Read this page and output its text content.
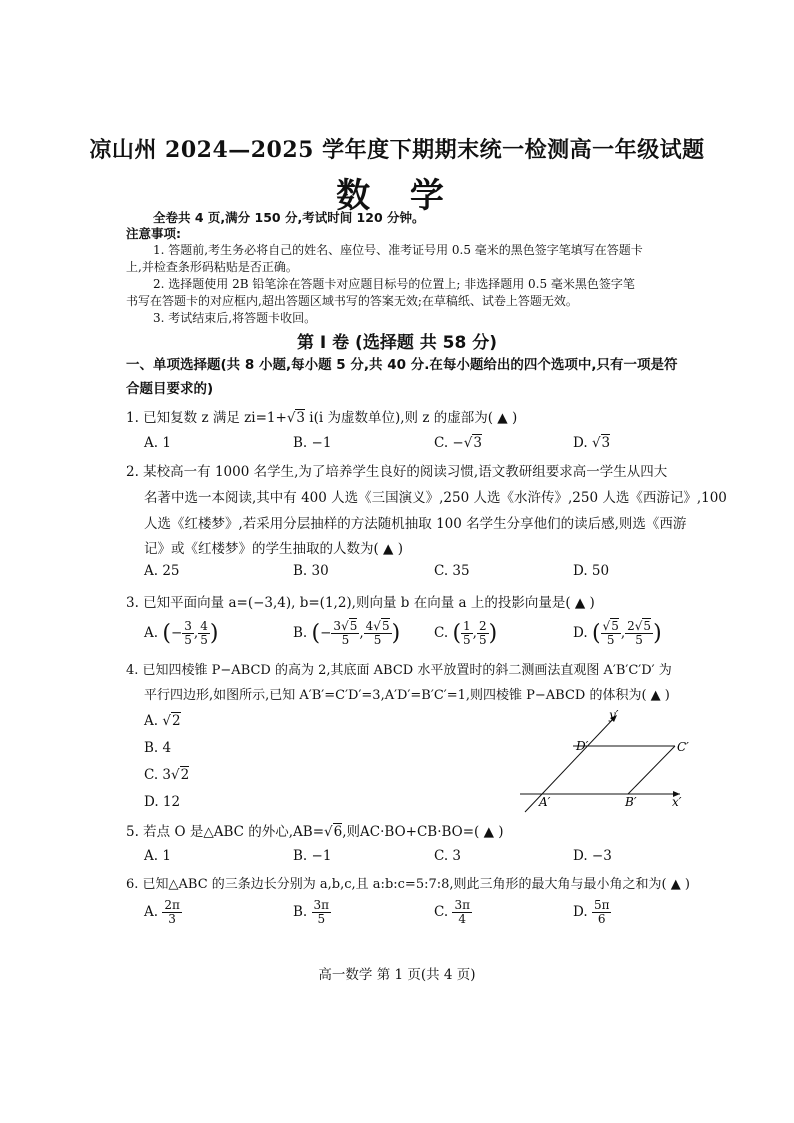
凉山州 2024—2025 学年度下期期末统一检测高一年级试题
数 学
全卷共 4 页,满分 150 分,考试时间 120 分钟。
注意事项:
1. 答题前,考生务必将自己的姓名、座位号、准考证号用 0.5 毫米的黑色签字笔填写在答题卡
上,并检查条形码粘贴是否正确。
2. 选择题使用 2B 铅笔涂在答题卡对应题目标号的位置上; 非选择题用 0.5 毫米黑色签字笔
书写在答题卡的对应框内,超出答题区域书写的答案无效;在草稿纸、试卷上答题无效。
3. 考试结束后,将答题卡收回。
第 Ⅰ 卷 (选择题 共 58 分)
一、单项选择题(共 8 小题,每小题 5 分,共 40 分.在每小题给出的四个选项中,只有一项是符
合题目要求的)
1. 已知复数 z 满足 zi=1+√3 i(i 为虚数单位),则 z 的虚部为( ▲ )
A. 1	B. −1	C. −√3	D. √3
2. 某校高一有 1000 名学生,为了培养学生良好的阅读习惯,语文教研组要求高一学生从四大
名著中选一本阅读,其中有 400 人选《三国演义》,250 人选《水浒传》,250 人选《西游记》,100
人选《红楼梦》,若采用分层抽样的方法随机抽取 100 名学生分享他们的读后感,则选《西游
记》或《红楼梦》的学生抽取的人数为( ▲ )
A. 25	B. 30	C. 35	D. 50
3. 已知平面向量 a=(−3,4), b=(1,2),则向量 b 在向量 a 上的投影向量是( ▲ )
A. (− $\frac{3}{5}$ , $\frac{4}{5}$ )	B. (− $\frac{3√5}{5}$ , $\frac{4√5}{5}$ )	C. ( $\frac{1}{5}$ , $\frac{2}{5}$ )	D. ( $\frac{√5}{5}$ , $\frac{2√5}{5}$ )
4. 已知四棱锥 P−ABCD 的高为 2,其底面 ABCD 水平放置时的斜二测画法直观图 A′B′C′D′ 为
平行四边形,如图所示,已知 A′B′=C′D′=3,A′D′=B′C′=1,则四棱锥 P−ABCD 的体积为( ▲ )
A. √2
B. 4
C. 3√2
D. 12
y′
x′
A′	B′
C′
D′
5. 若点 O 是△ABC 的外心,AB=√6,则AC·BO+CB·BO=( ▲ )
A. 1	B. −1	C. 3	D. −3
6. 已知△ABC 的三条边长分别为 a,b,c,且 a:b:c=5:7:8,则此三角形的最大角与最小角之和为( ▲ )
A. $\frac{2\pi}{3}$	B. $\frac{3\pi}{5}$	C. $\frac{3\pi}{4}$	D. $\frac{5\pi}{6}$
高一数学 第 1 页(共 4 页)
